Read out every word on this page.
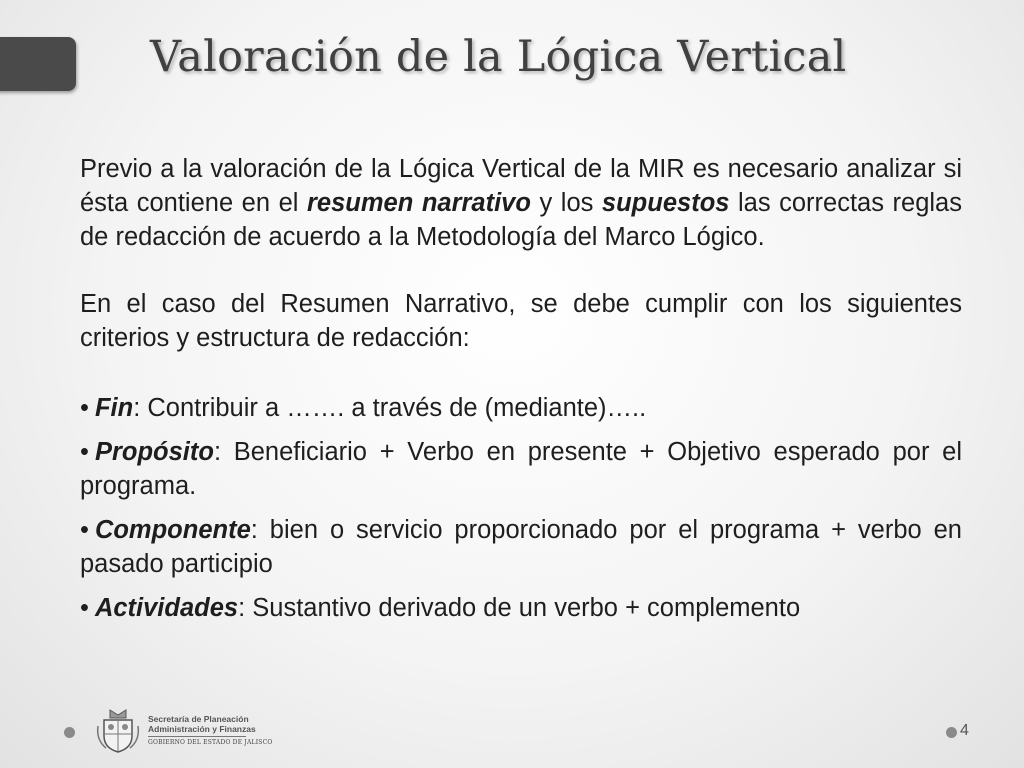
Valoración de la Lógica Vertical

Previo a la valoración de la Lógica Vertical de la MIR es necesario analizar si ésta contiene en el resumen narrativo y los supuestos las correctas reglas de redacción de acuerdo a la Metodología del Marco Lógico.

En el caso del Resumen Narrativo, se debe cumplir con los siguientes criterios y estructura de redacción:

• Fin: Contribuir a ……. a través de (mediante)…..
• Propósito: Beneficiario + Verbo en presente + Objetivo esperado por el programa.
• Componente: bien o servicio proporcionado por el programa + verbo en pasado participio
• Actividades: Sustantivo derivado de un verbo + complemento
Secretaría de Planeación
Administración y Finanzas
GOBIERNO DEL ESTADO DE JALISCO
4
